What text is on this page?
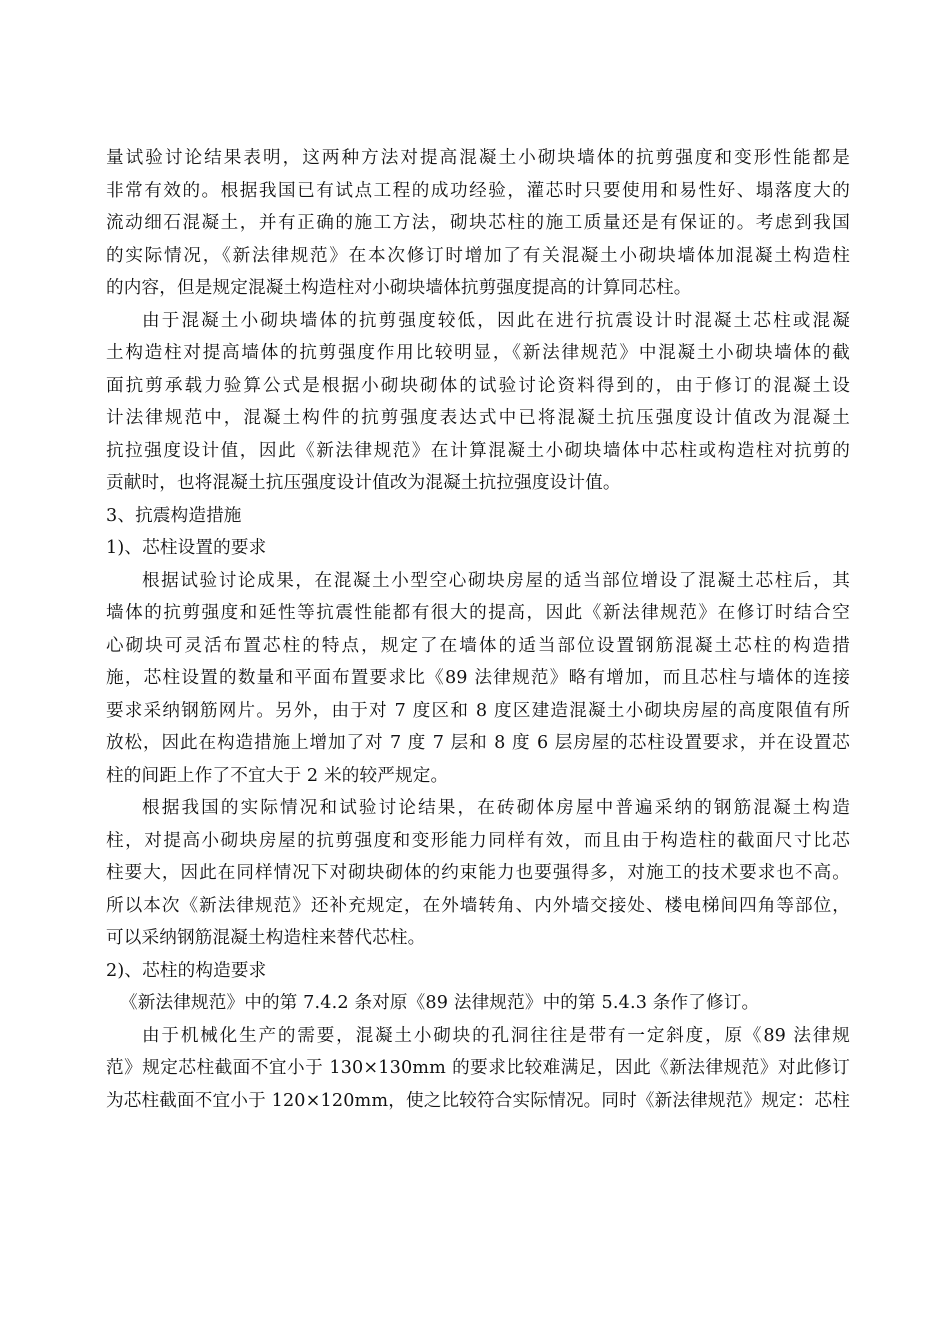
量试验讨论结果表明，这两种方法对提高混凝土小砌块墙体的抗剪强度和变形性能都是
非常有效的。根据我国已有试点工程的成功经验，灌芯时只要使用和易性好、塌落度大的
流动细石混凝土，并有正确的施工方法，砌块芯柱的施工质量还是有保证的。考虑到我国
的实际情况，《新法律规范》在本次修订时增加了有关混凝土小砌块墙体加混凝土构造柱
的内容，但是规定混凝土构造柱对小砌块墙体抗剪强度提高的计算同芯柱。
由于混凝土小砌块墙体的抗剪强度较低，因此在进行抗震设计时混凝土芯柱或混凝
土构造柱对提高墙体的抗剪强度作用比较明显，《新法律规范》中混凝土小砌块墙体的截
面抗剪承载力验算公式是根据小砌块砌体的试验讨论资料得到的，由于修订的混凝土设
计法律规范中，混凝土构件的抗剪强度表达式中已将混凝土抗压强度设计值改为混凝土
抗拉强度设计值，因此《新法律规范》在计算混凝土小砌块墙体中芯柱或构造柱对抗剪的
贡献时，也将混凝土抗压强度设计值改为混凝土抗拉强度设计值。
3、抗震构造措施
1)、芯柱设置的要求
根据试验讨论成果，在混凝土小型空心砌块房屋的适当部位增设了混凝土芯柱后，其
墙体的抗剪强度和延性等抗震性能都有很大的提高，因此《新法律规范》在修订时结合空
心砌块可灵活布置芯柱的特点，规定了在墙体的适当部位设置钢筋混凝土芯柱的构造措
施，芯柱设置的数量和平面布置要求比《89 法律规范》略有增加，而且芯柱与墙体的连接
要求采纳钢筋网片。另外，由于对 7 度区和 8 度区建造混凝土小砌块房屋的高度限值有所
放松，因此在构造措施上增加了对 7 度 7 层和 8 度 6 层房屋的芯柱设置要求，并在设置芯
柱的间距上作了不宜大于 2 米的较严规定。
根据我国的实际情况和试验讨论结果，在砖砌体房屋中普遍采纳的钢筋混凝土构造
柱，对提高小砌块房屋的抗剪强度和变形能力同样有效，而且由于构造柱的截面尺寸比芯
柱要大，因此在同样情况下对砌块砌体的约束能力也要强得多，对施工的技术要求也不高。
所以本次《新法律规范》还补充规定，在外墙转角、内外墙交接处、楼电梯间四角等部位，
可以采纳钢筋混凝土构造柱来替代芯柱。
2)、芯柱的构造要求
《新法律规范》中的第 7.4.2 条对原《89 法律规范》中的第 5.4.3 条作了修订。
由于机械化生产的需要，混凝土小砌块的孔洞往往是带有一定斜度，原《89 法律规
范》规定芯柱截面不宜小于 130×130mm 的要求比较难满足，因此《新法律规范》对此修订
为芯柱截面不宜小于 120×120mm，使之比较符合实际情况。同时《新法律规范》规定：芯柱
